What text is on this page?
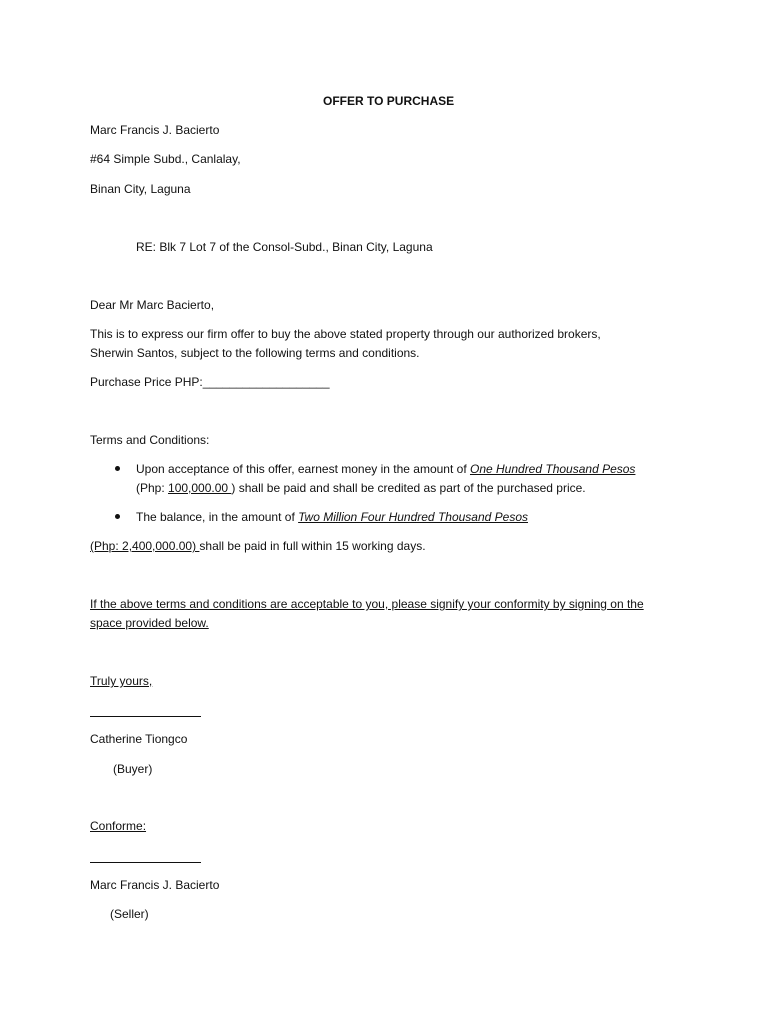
OFFER TO PURCHASE
Marc Francis J. Bacierto
#64 Simple Subd., Canlalay,
Binan City, Laguna
RE: Blk 7 Lot 7 of the Consol-Subd., Binan City, Laguna
Dear Mr Marc Bacierto,
This is to express our firm offer to buy the above stated property through our authorized brokers,
Sherwin Santos, subject to the following terms and conditions.
Purchase Price PHP:___________________
Terms and Conditions:
Upon acceptance of this offer, earnest money in the amount of One Hundred Thousand Pesos
(Php: 100,000.00 ) shall be paid and shall be credited as part of the purchased price.
The balance, in the amount of Two Million Four Hundred Thousand Pesos
(Php: 2,400,000.00) shall be paid in full within 15 working days.
If the above terms and conditions are acceptable to you, please signify your conformity by signing on the
space provided below.
Truly yours,
Catherine Tiongco
(Buyer)
Conforme:
Marc Francis J. Bacierto
(Seller)
